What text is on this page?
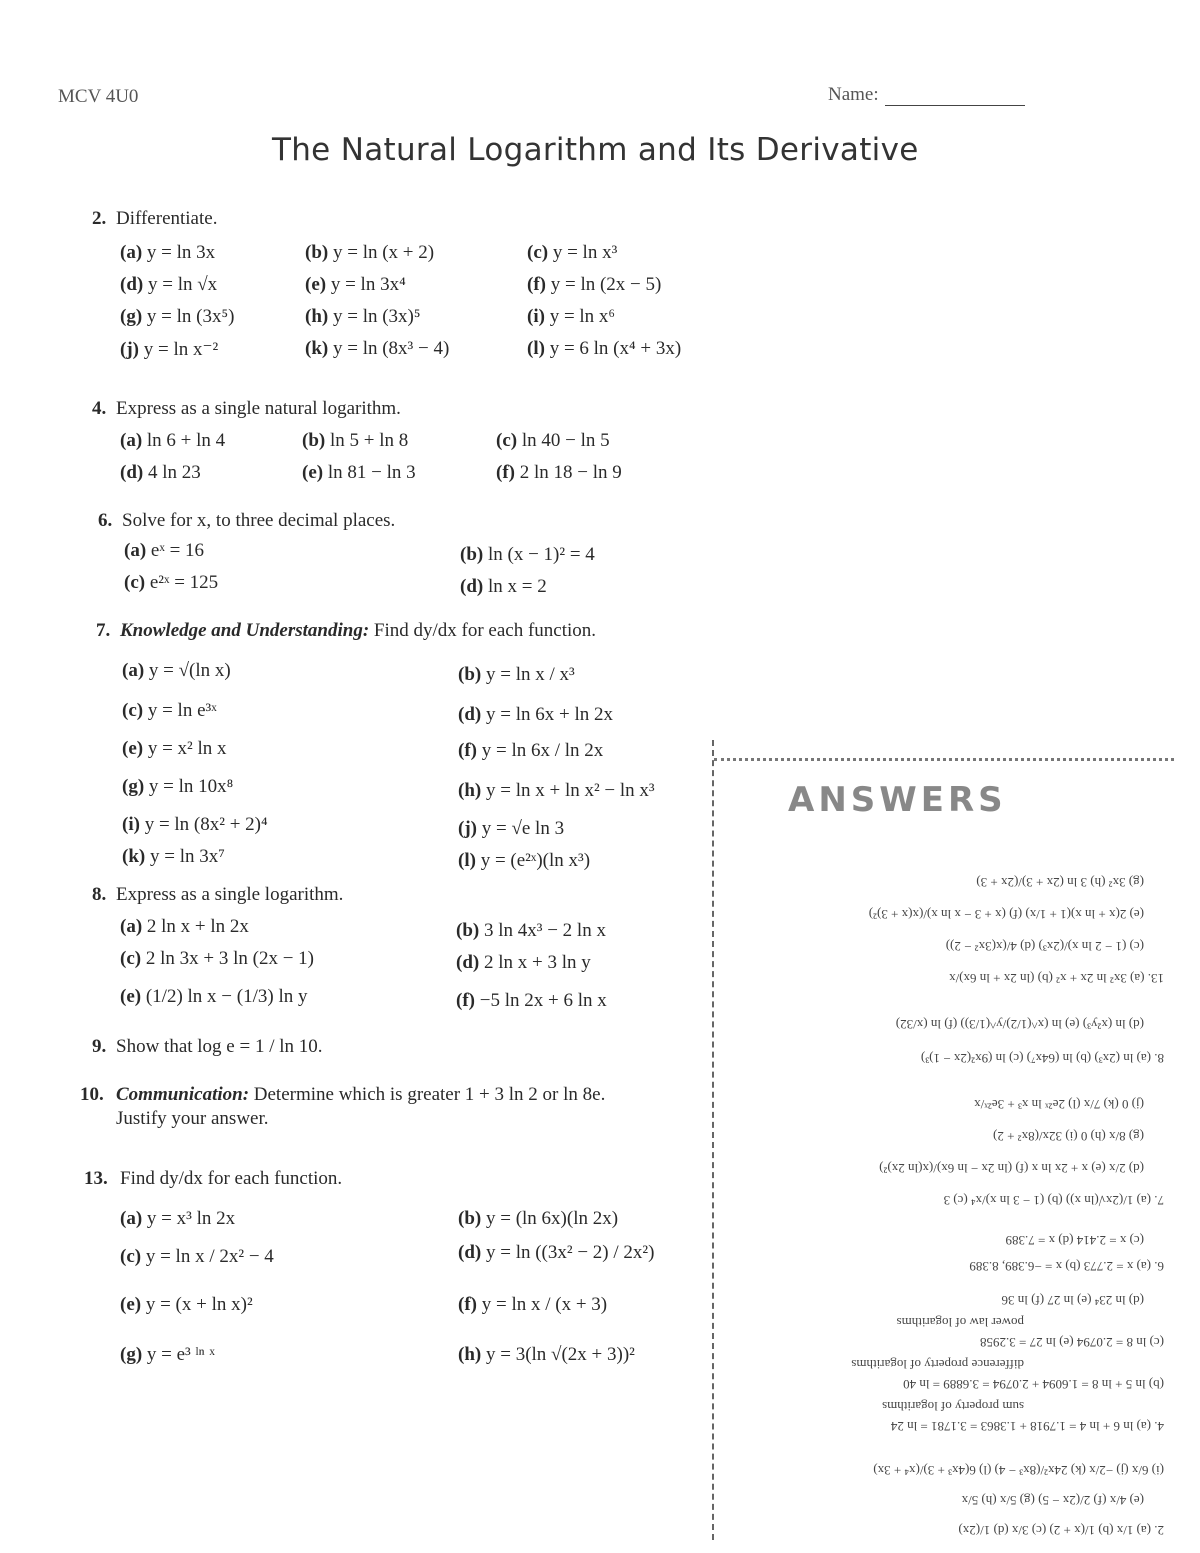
MCV 4U0	Name:
The Natural Logarithm and Its Derivative
2. Differentiate.
(a) y = ln 3x	(b) y = ln (x + 2)	(c) y = ln x³
(d) y = ln √x	(e) y = ln 3x⁴	(f) y = ln (2x − 5)
(g) y = ln (3x⁵)	(h) y = ln (3x)⁵	(i) y = ln x⁶
(j) y = ln x⁻²	(k) y = ln (8x³ − 4)	(l) y = 6 ln (x⁴ + 3x)
4. Express as a single natural logarithm.
(a) ln 6 + ln 4	(b) ln 5 + ln 8	(c) ln 40 − ln 5
(d) 4 ln 23	(e) ln 81 − ln 3	(f) 2 ln 18 − ln 9
6. Solve for x, to three decimal places.
(a) eˣ = 16	(b) ln (x − 1)² = 4
(c) e²ˣ = 125	(d) ln x = 2
7. Knowledge and Understanding: Find dy/dx for each function.
(a) y = √(ln x)	(b) y = ln x / x³
(c) y = ln e³ˣ	(d) y = ln 6x + ln 2x
(e) y = x² ln x	(f) y = ln 6x / ln 2x
(g) y = ln 10x⁸	(h) y = ln x + ln x² − ln x³
(i) y = ln (8x² + 2)⁴	(j) y = √e ln 3
(k) y = ln 3x⁷	(l) y = (e²ˣ)(ln x³)
8. Express as a single logarithm.
(a) 2 ln x + ln 2x	(b) 3 ln 4x³ − 2 ln x
(c) 2 ln 3x + 3 ln (2x − 1)	(d) 2 ln x + 3 ln y
(e) (1/2) ln x − (1/3) ln y	(f) −5 ln 2x + 6 ln x
9. Show that log e = 1 / ln 10.
10. Communication: Determine which is greater 1 + 3 ln 2 or ln 8e.
Justify your answer.
13. Find dy/dx for each function.
(a) y = x³ ln 2x	(b) y = (ln 6x)(ln 2x)
(c) y = ln x / 2x² − 4	(d) y = ln ((3x² − 2) / 2x²)
(e) y = (x + ln x)²	(f) y = ln x / (x + 3)
(g) y = e³ ˡⁿ ˣ	(h) y = 3(ln √(2x + 3))²
ANSWERS
2. (a) 1/x (b) 1/(x + 2) (c) 3/x (d) 1/(2x)
(e) 4/x (f) 2/(2x − 5) (g) 5/x (h) 5/x
(i) 6/x (j) −2/x (k) 24x²/(8x³ − 4) (l) 6(4x³ + 3)/(x⁴ + 3x)
4. (a) ln 6 + ln 4 = 1.7918 + 1.3863 = 3.1781 = ln 24
sum property of logarithms
(b) ln 5 + ln 8 = 1.6094 + 2.0794 = 3.6889 = ln 40
difference property of logarithms
(c) ln 8 = 2.0794 (e) ln 27 = 3.2958
power law of logarithms
(d) ln 23⁴ (e) ln 27 (f) ln 36
6. (a) x = 2.773 (b) x = −6.389, 8.389
(c) x = 2.414 (d) x = 7.389
7. (a) 1/(2x√(ln x)) (b) (1 − 3 ln x)/x⁴ (c) 3
(d) 2/x (e) x + 2x ln x (f) (ln 2x − ln 6x)/(x(ln 2x)²)
(g) 8/x (h) 0 (i) 32x/(8x² + 2)
(j) 0 (k) 7/x (l) 2e²ˣ ln x³ + 3e²ˣ/x
8. (a) ln (2x³) (b) ln (64x⁷) (c) ln (9x²(2x − 1)³)
(d) ln (x²y³) (e) ln (x^(1/2)/y^(1/3)) (f) ln (x/32)
13. (a) 3x² ln 2x + x² (b) (ln 2x + ln 6x)/x
(c) (1 − 2 ln x)/(2x³) (d) 4/(x(3x² − 2))
(e) 2(x + ln x)(1 + 1/x) (f) (x + 3 − x ln x)/(x(x + 3)²)
(g) 3x² (h) 3 ln (2x + 3)/(2x + 3)
